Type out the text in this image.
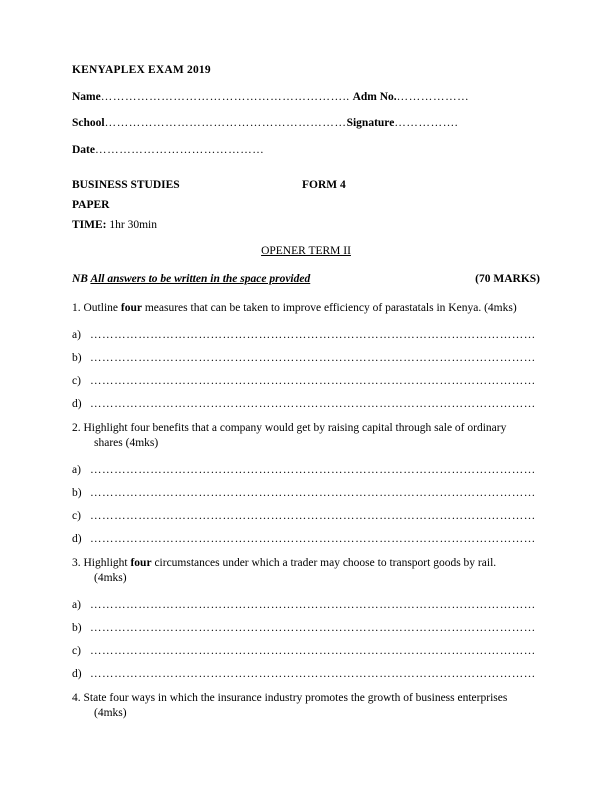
KENYAPLEX EXAM 2019
Name…………………………………………………….. Adm No.………………
School……………………………………………………Signature…………….
Date……………………………………
BUSINESS STUDIES	FORM 4
PAPER
TIME: 1hr 30min
OPENER TERM II
NB All answers to be written in the space provided	(70 MARKS)
1. Outline four measures that can be taken to improve efficiency of parastatals in Kenya. (4mks)
a) …………………………………………………………………………………………………
b) …………………………………………………………………………………………………
c) …………………………………………………………………………………………………
d) …………………………………………………………………………………………………
2. Highlight four benefits that a company would get by raising capital through sale of ordinary
shares (4mks)
a) …………………………………………………………………………………………………
b) …………………………………………………………………………………………………
c) …………………………………………………………………………………………………
d) …………………………………………………………………………………………………
3. Highlight four circumstances under which a trader may choose to transport goods by rail.
(4mks)
a) …………………………………………………………………………………………………
b) …………………………………………………………………………………………………
c) …………………………………………………………………………………………………
d) …………………………………………………………………………………………………
4. State four ways in which the insurance industry promotes the growth of business enterprises
(4mks)
